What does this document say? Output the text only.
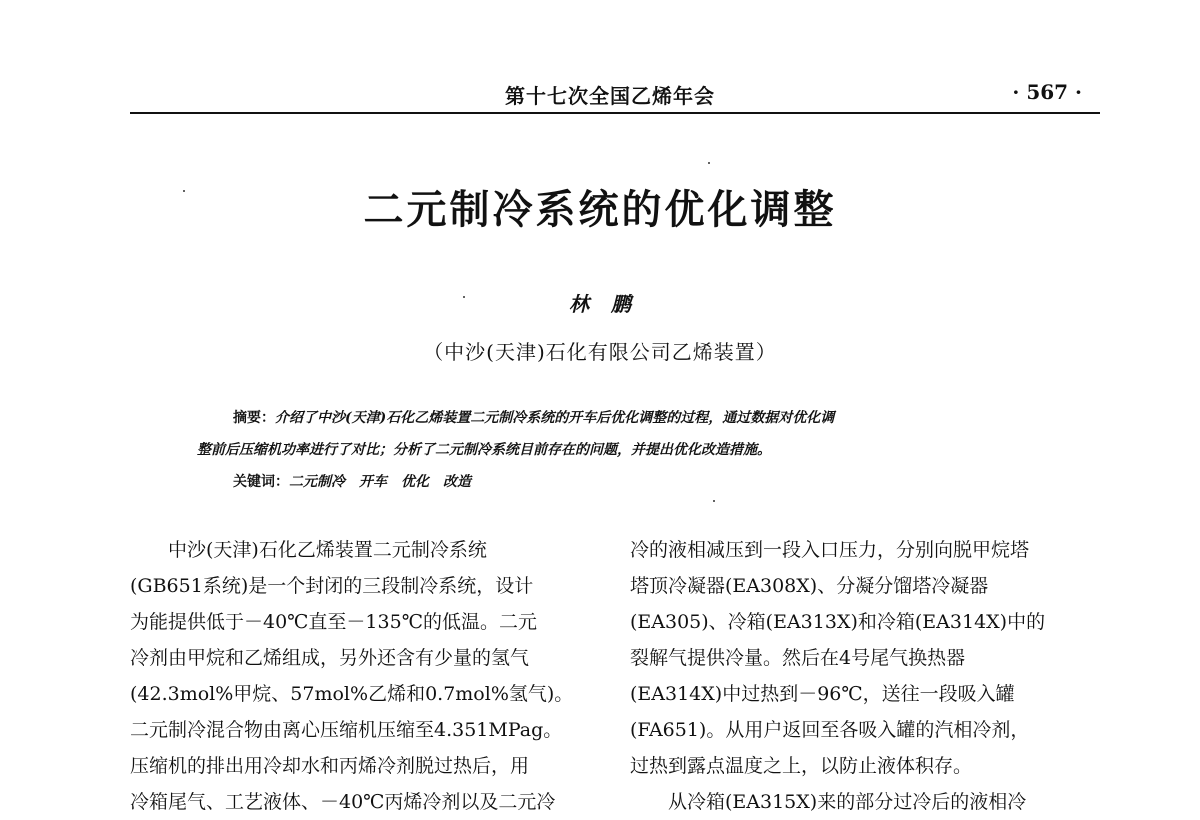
第十七次全国乙烯年会	· 567 ·
二元制冷系统的优化调整
林鹏
（中沙(天津)石化有限公司乙烯装置）
摘要：介绍了中沙(天津)石化乙烯装置二元制冷系统的开车后优化调整的过程，通过数据对优化调
整前后压缩机功率进行了对比；分析了二元制冷系统目前存在的问题，并提出优化改造措施。
关键词：二元制冷 开车 优化 改造
中沙(天津)石化乙烯装置二元制冷系统
(GB651系统)是一个封闭的三段制冷系统，设计
为能提供低于－40℃直至－135℃的低温。二元
冷剂由甲烷和乙烯组成，另外还含有少量的氢气
(42.3mol%甲烷、57mol%乙烯和0.7mol%氢气)。
二元制冷混合物由离心压缩机压缩至4.351MPag。
压缩机的排出用冷却水和丙烯冷剂脱过热后，用
冷箱尾气、工艺液体、－40℃丙烯冷剂以及二元冷
冷的液相减压到一段入口压力，分别向脱甲烷塔
塔顶冷凝器(EA308X)、分凝分馏塔冷凝器
(EA305)、冷箱(EA313X)和冷箱(EA314X)中的
裂解气提供冷量。然后在4号尾气换热器
(EA314X)中过热到－96℃，送往一段吸入罐
(FA651)。从用户返回至各吸入罐的汽相冷剂，
过热到露点温度之上，以防止液体积存。
从冷箱(EA315X)来的部分过冷后的液相冷
